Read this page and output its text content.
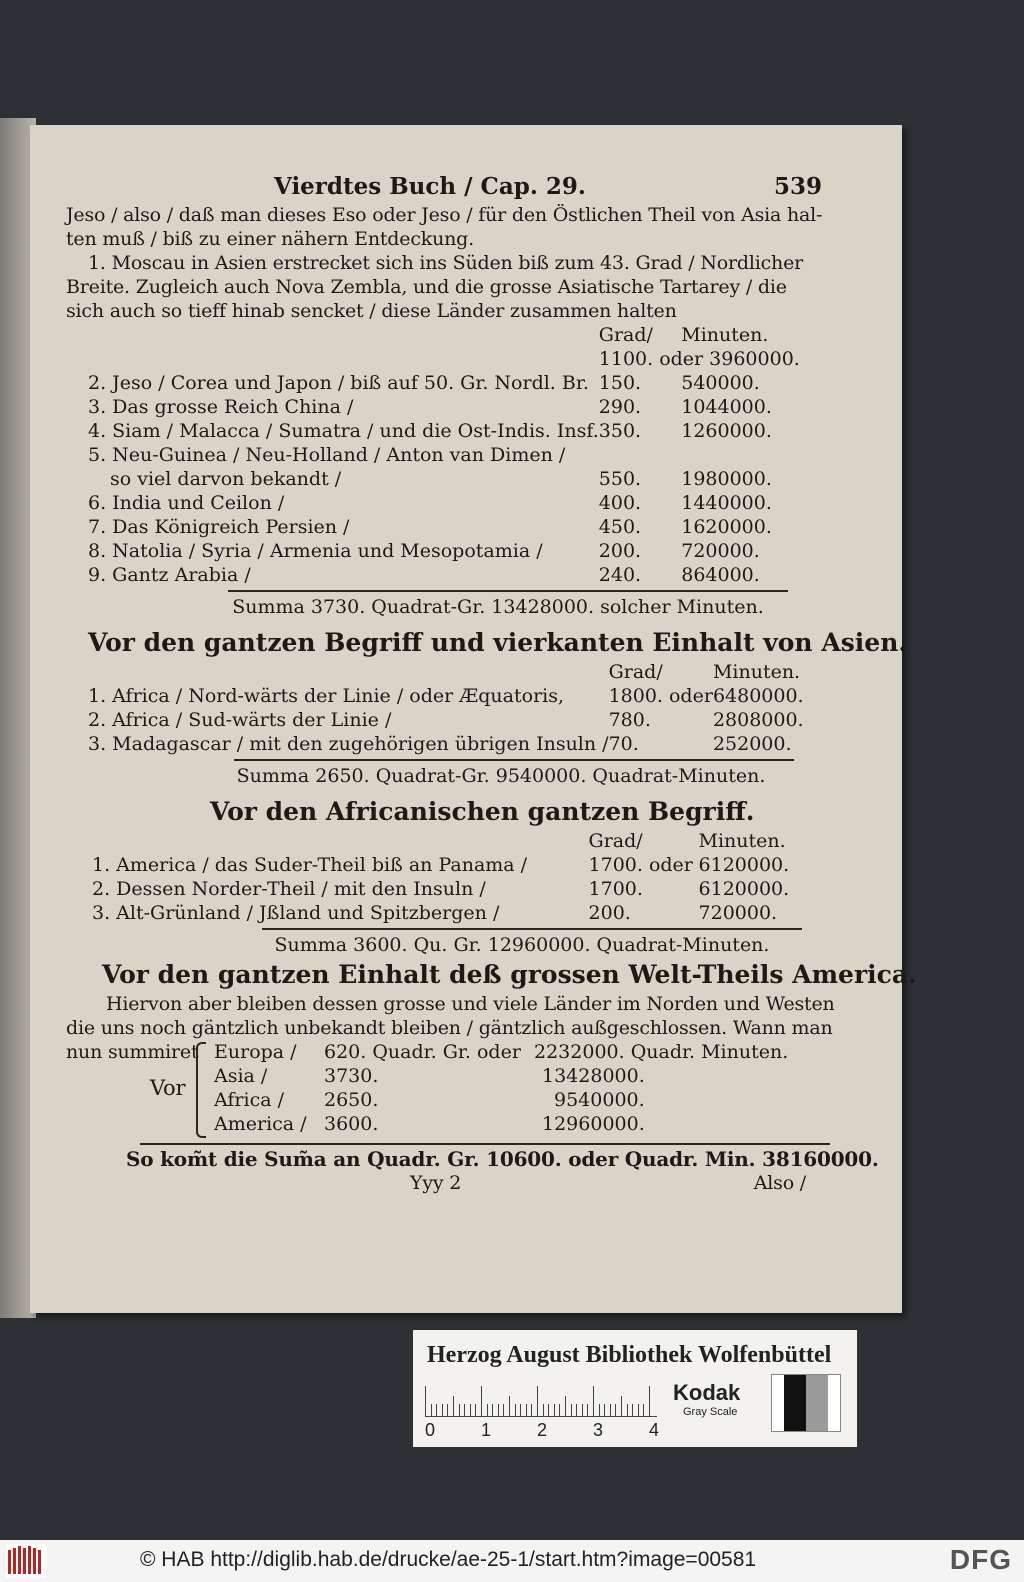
Vierdtes Buch / Cap. 29.	539
Jeso / also / daß man dieses Eso oder Jeso / für den Östlichen Theil von Asia hal-
ten muß / biß zu einer nähern Entdeckung.
1. Moscau in Asien erstrecket sich ins Süden biß zum 43. Grad / Nordlicher
Breite. Zugleich auch Nova Zembla, und die grosse Asiatische Tartarey / die
sich auch so tieff hinab sencket / diese Länder zusammen halten
	Grad/	Minuten.
	1100. oder 3960000.	
2. Jeso / Corea und Japon / biß auf 50. Gr. Nordl. Br.	150.	540000.
3. Das grosse Reich China /	290.	1044000.
4. Siam / Malacca / Sumatra / und die Ost-Indis. Insf.	350.	1260000.
5. Neu-Guinea / Neu-Holland / Anton van Dimen /		
so viel darvon bekandt /	550.	1980000.
6. India und Ceilon /	400.	1440000.
7. Das Königreich Persien /	450.	1620000.
8. Natolia / Syria / Armenia und Mesopotamia /	200.	720000.
9. Gantz Arabia /	240.	864000.
Summa 3730. Quadrat-Gr. 13428000. solcher Minuten.
Vor den gantzen Begriff und vierkanten Einhalt von Asien.
	Grad/	Minuten.
1. Africa / Nord-wärts der Linie / oder Æquatoris,	1800. oder	6480000.
2. Africa / Sud-wärts der Linie /	780.	2808000.
3. Madagascar / mit den zugehörigen übrigen Insuln /	70.	252000.
Summa 2650. Quadrat-Gr. 9540000. Quadrat-Minuten.
Vor den Africanischen gantzen Begriff.
	Grad/	Minuten.
1. America / das Suder-Theil biß an Panama /	1700. oder	6120000.
2. Dessen Norder-Theil / mit den Insuln /	1700.	6120000.
3. Alt-Grünland / Jßland und Spitzbergen /	200.	720000.
Summa 3600. Qu. Gr. 12960000. Quadrat-Minuten.
Vor den gantzen Einhalt deß grossen Welt-Theils America.
Hiervon aber bleiben dessen grosse und viele Länder im Norden und Westen
die uns noch gäntzlich unbekandt bleiben / gäntzlich außgeschlossen. Wann man
nun summiret
Vor
Europa /	620. Quadr. Gr. oder	2232000. Quadr. Minuten.
Asia /	3730.	13428000.
Africa /	2650.	9540000.
America /	3600.	12960000.
So kom̃t die Sum̃a an Quadr. Gr. 10600. oder Quadr. Min. 38160000.
Yyy 2	Also /
Herzog August Bibliothek Wolfenbüttel
0	1	2	3	4
Kodak
Gray Scale
© HAB http://diglib.hab.de/drucke/ae-25-1/start.htm?image=00581	DFG
